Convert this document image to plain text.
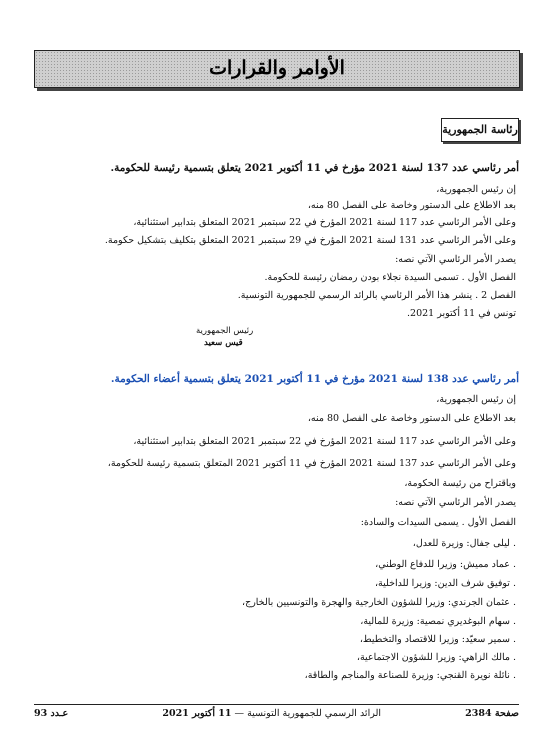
الأوامر والقرارات
رئاسة الجمهورية
أمر رئاسي عدد 137 لسنة 2021 مؤرخ في 11 أكتوبر 2021 يتعلق بتسمية رئيسة للحكومة.
إن رئيس الجمهورية،
بعد الاطلاع على الدستور وخاصة على الفصل 80 منه،
وعلى الأمر الرئاسي عدد 117 لسنة 2021 المؤرخ في 22 سبتمبر 2021 المتعلق بتدابير استثنائية،
وعلى الأمر الرئاسي عدد 131 لسنة 2021 المؤرخ في 29 سبتمبر 2021 المتعلق بتكليف بتشكيل حكومة.
يصدر الأمر الرئاسي الآتي نصه:
الفصل الأول . تسمى السيدة نجلاء بودن رمضان رئيسة للحكومة.
الفصل 2 . ينشر هذا الأمر الرئاسي بالرائد الرسمي للجمهورية التونسية.
تونس في 11 أكتوبر 2021.
رئيس الجمهورية
قيس سعيد
أمر رئاسي عدد 138 لسنة 2021 مؤرخ في 11 أكتوبر 2021 يتعلق بتسمية أعضاء الحكومة.
إن رئيس الجمهورية،
بعد الاطلاع على الدستور وخاصة على الفصل 80 منه،
وعلى الأمر الرئاسي عدد 117 لسنة 2021 المؤرخ في 22 سبتمبر 2021 المتعلق بتدابير استثنائية،
وعلى الأمر الرئاسي عدد 137 لسنة 2021 المؤرخ في 11 أكتوبر 2021 المتعلق بتسمية رئيسة للحكومة،
وباقتراح من رئيسة الحكومة،
يصدر الأمر الرئاسي الآتي نصه:
الفصل الأول . يسمى السيدات والسادة:
. ليلى جفال: وزيرة للعدل،
. عماد مميش: وزيرا للدفاع الوطني،
. توفيق شرف الدين: وزيرا للداخلية،
. عثمان الجرندي: وزيرا للشؤون الخارجية والهجرة والتونسيين بالخارج،
. سهام البوغديري نمصية: وزيرة للمالية،
. سمير سعيّد: وزيرا للاقتصاد والتخطيط،
. مالك الزاهي: وزيرا للشؤون الاجتماعية،
. نائلة نويرة القنجي: وزيرة للصناعة والمناجم والطاقة،
صفحة 2384
الرائد الرسمي للجمهورية التونسية — 11 أكتوبر 2021
عـدد 93
